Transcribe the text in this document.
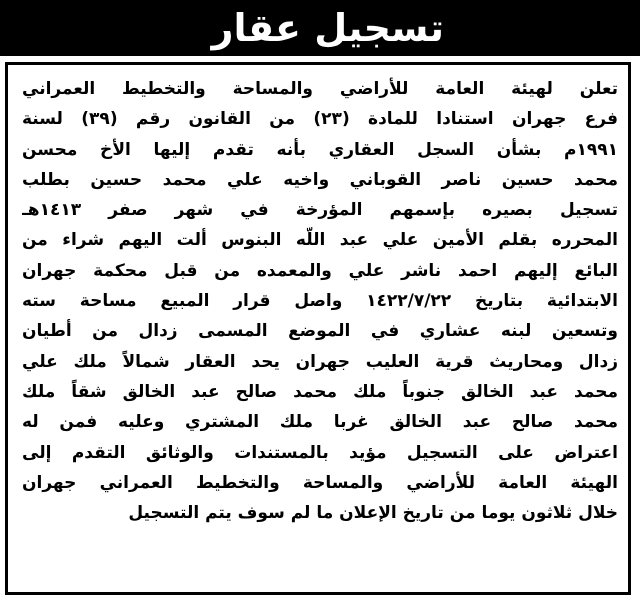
تسجيل عقار
تعلن لهيئة العامة للأراضي والمساحة والتخطيط العمراني
فرع جهران استنادا للمادة (٢٣) من القانون رقم (٣٩) لسنة
١٩٩١م بشأن السجل العقاري بأنه تقدم إليها الأخ محسن
محمد حسين ناصر القوباني واخيه علي محمد حسين بطلب
تسجيل بصيره بإسمهم المؤرخة في شهر صفر ١٤١٣هـ
المحرره بقلم الأمين علي عبد اللّه البنوس ألت اليهم شراء من
البائع إليهم احمد ناشر علي والمعمده من قبل محكمة جهران
الابتدائية بتاريخ ١٤٢٢/٧/٢٢ واصل قرار المبيع مساحة سته
وتسعين لبنه عشاري في الموضع المسمى زدال من أطيان
زدال ومحاريث قرية العليب جهران يحد العقار شمالاً ملك علي
محمد عبد الخالق جنوباً ملك محمد صالح عبد الخالق شقاً ملك
محمد صالح عبد الخالق غربا ملك المشتري وعليه فمن له
اعتراض على التسجيل مؤيد بالمستندات والوثائق التقدم إلى
الهيئة العامة للأراضي والمساحة والتخطيط العمراني جهران
خلال ثلاثون يوما من تاريخ الإعلان ما لم سوف يتم التسجيل
